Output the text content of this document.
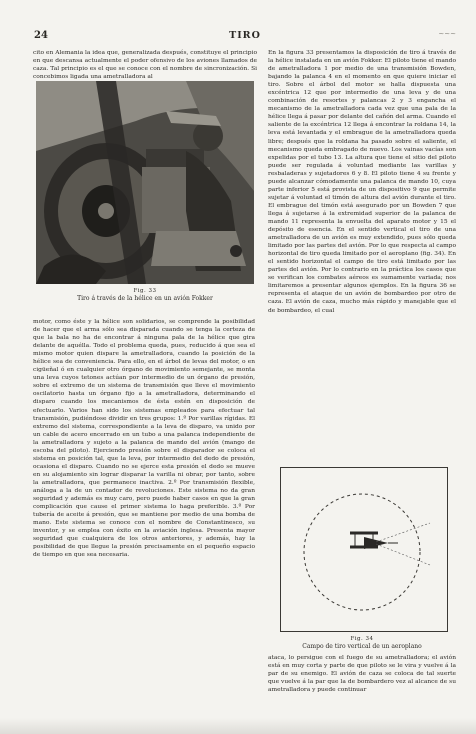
24	TIRO	~~~

cito en Alemania la idea que, generalizada después, constituye el principio en que descansa actualmente el poder ofensivo de los aviones llamados de caza. Tal principio es el que se conoce con el nombre de sincronización. Si concebimos ligada una ametralladora al

Fig. 33
Tiro á través de la hélice en un avión Fokker

motor, como éste y la hélice son solidarios, se comprende la posibilidad de hacer que el arma sólo sea disparada cuando se tenga la certeza de que la bala no ha de encontrar á ninguna pala de la hélice que gira delante de aquélla. Todo el problema queda, pues, reducido á que sea el mismo motor quien dispare la ametralladora, cuando la posición de la hélice sea de conveniencia. Para ello, en el árbol de levas del motor, o en cigüeñal ó en cualquier otro órgano de movimiento semejante, se monta una leva cuyos tetones actúan por intermedio de un órgano de presión, sobre el extremo de un sistema de transmisión que lleve el movimiento oscilatorio hasta un órgano fijo a la ametralladora, determinando el disparo cuando los mecanismos de ésta estén en disposición de efectuarlo. Varios han sido los sistemas empleados para efectuar tal transmisión, pudiéndose dividir en tres grupos: 1.º Por varillas rígidas. El extremo del sistema, correspondiente a la leva de disparo, va unido por un cable de acero encerrado en un tubo a una palanca independiente de la ametralladora y sujeto a la palanca de mando del avión (mango de escoba del piloto). Ejerciendo presión sobre el disparador se coloca el sistema en posición tal, que la leva, por intermedio del dedo de presión, ocasiona el disparo. Cuando no se ejerce esta presión el dedo se mueve en su alojamiento sin lograr disparar la varilla ni obrar, por tanto, sobre la ametralladora, que permanece inactiva. 2.º Por transmisión flexible, análoga a la de un contador de revoluciones. Este sistema no da gran seguridad y además es muy caro, pero puede haber casos en que la gran complicación que cause el primer sistema lo haga preferible. 3.º Por tubería de aceite á presión, que se mantiene por medio de una bomba de mano. Este sistema se conoce con el nombre de Constantinesco, su inventor, y se emplea con éxito en la aviación inglesa. Presenta mayor seguridad que cualquiera de los otros anteriores, y además, hay la posibilidad de que llegue la presión precisamente en el pequeño espacio de tiempo en que sea necesaria.

En la figura 33 presentamos la disposición de tiro á través de la hélice instalada en un avión Fokker. El piloto tiene el mando de ametralladora 1 por medio de una transmisión Bowden, bajando la palanca 4 en el momento en que quiere iniciar el tiro. Sobre el árbol del motor se halla dispuesta una excéntrica 12 que por intermedio de una leva y de una combinación de resortes y palancas 2 y 3 engancha el mecanismo de la ametralladora cada vez que una pala de la hélice llega á pasar por delante del cañón del arma. Cuando el saliente de la excéntrica 12 llega á encontrar la roldana 14, la leva está levantada y el embrague de la ametralladora queda libre; después que la roldana ha pasado sobre el saliente, el mecanismo queda embragado de nuevo. Los vainas vacías son expelidas por el tubo 13. La altura que tiene el sitio del piloto puede ser regulada á voluntad mediante las varillas y resbaladeras y sujetadores 6 y 8. El piloto tiene 4 su frente y puede alcanzar cómodamente una palanca de mando 10, cuya parte inferior 5 está provista de un dispositivo 9 que permite sujetar á voluntad el timón de altura del avión durante el tiro. El embrague del timón está asegurado por un Bowden 7 que llega á sujetarse á la extremidad superior de la palanca de mando 11 representa la envuelta del aparato motor y 15 el depósito de esencia. En el sentido vertical el tiro de una ametralladora de un avión es muy extendido, pues sólo queda limitado por las partes del avión. Por lo que respecta al campo horizontal de tiro queda limitado por el aeroplano (fig. 34). En el sentido horizontal el campo de tiro está limitado por las partes del avión. Por lo contrario en la práctica los casos que se verifican los combates aéreos es sumamente variada; nos limitaremos a presentar algunos ejemplos. En la figura 36 se representa el ataque de un avión de bombardeo por otro de caza. El avión de caza, mucho más rápido y manejable que el de bombardeo, el cual

Fig. 34
Campo de tiro vertical de un aeroplano

ataca, lo persigue con el fuego de su ametralladora; el avión está en muy corta y parte de que piloto se le vira y vuelve á la par de su enemigo. El avión de caza se coloca de tal suerte que vuelve á la par que la de bombardero vez al alcance de su ametralladora y puede continuar
